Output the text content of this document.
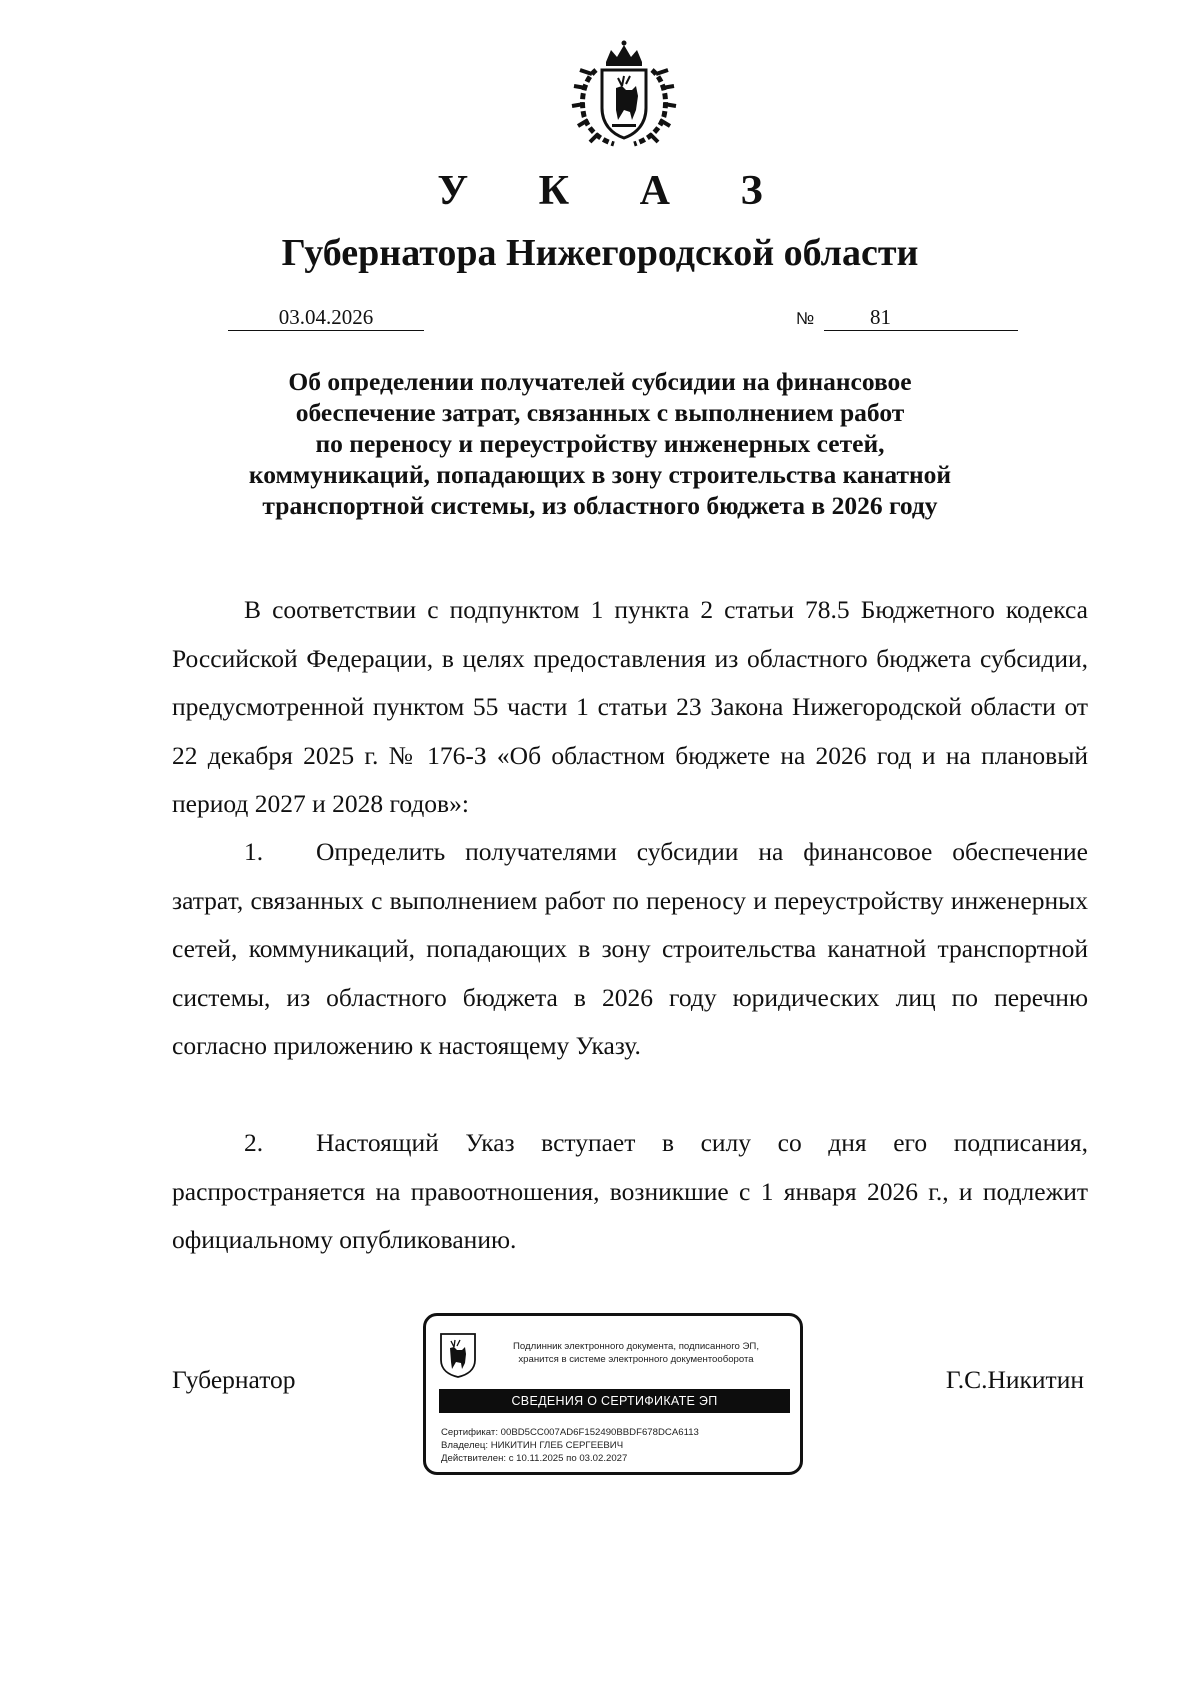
У К А З
Губернатора Нижегородской области
03.04.2026	№	81
Об определении получателей субсидии на финансовое
обеспечение затрат, связанных с выполнением работ
по переносу и переустройству инженерных сетей,
коммуникаций, попадающих в зону строительства канатной
транспортной системы, из областного бюджета в 2026 году

В соответствии с подпунктом 1 пункта 2 статьи 78.5 Бюджетного кодекса Российской Федерации, в целях предоставления из областного бюджета субсидии, предусмотренной пунктом 55 части 1 статьи 23 Закона Нижегородской области от 22 декабря 2025 г. № 176-З «Об областном бюджете на 2026 год и на плановый период 2027 и 2028 годов»:

1. Определить получателями субсидии на финансовое обеспечение затрат, связанных с выполнением работ по переносу и переустройству инженерных сетей, коммуникаций, попадающих в зону строительства канатной транспортной системы, из областного бюджета в 2026 году юридических лиц по перечню согласно приложению к настоящему Указу.

2. Настоящий Указ вступает в силу со дня его подписания, распространяется на правоотношения, возникшие с 1 января 2026 г., и подлежит официальному опубликованию.

Губернатор	Г.С.Никитин
Подлинник электронного документа, подписанного ЭП,
хранится в системе электронного документооборота
СВЕДЕНИЯ О СЕРТИФИКАТЕ ЭП
Сертификат: 00BD5CC007AD6F152490BBDF678DCA6113
Владелец: НИКИТИН ГЛЕБ СЕРГЕЕВИЧ
Действителен: с 10.11.2025 по 03.02.2027
